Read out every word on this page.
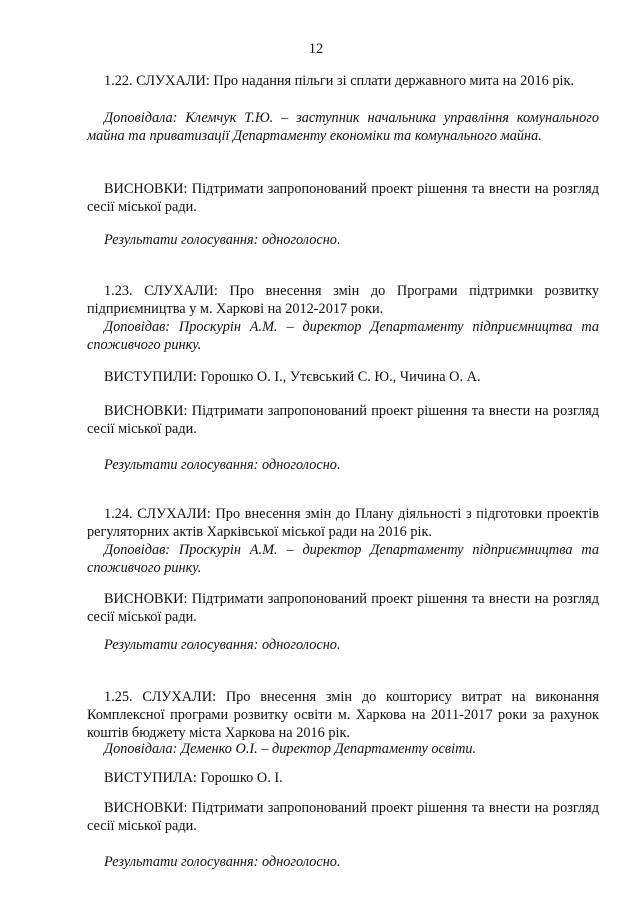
12

1.22. СЛУХАЛИ: Про надання пільги зі сплати державного мита на 2016 рік.

Доповідала: Клемчук Т.Ю. – заступник начальника управління комунального майна та приватизації Департаменту економіки та комунального майна.

ВИСНОВКИ: Підтримати запропонований проект рішення та внести на розгляд сесії міської ради.

Результати голосування: одноголосно.

1.23. СЛУХАЛИ: Про внесення змін до Програми підтримки розвитку підприємництва у м. Харкові на 2012-2017 роки.

Доповідав: Проскурін А.М. – директор Департаменту підприємництва та споживчого ринку.

ВИСТУПИЛИ: Горошко О. І., Утєвський С. Ю., Чичина О. А.

ВИСНОВКИ: Підтримати запропонований проект рішення та внести на розгляд сесії міської ради.

Результати голосування: одноголосно.

1.24. СЛУХАЛИ: Про внесення змін до Плану діяльності з підготовки проектів регуляторних актів Харківської міської ради на 2016 рік.

Доповідав: Проскурін А.М. – директор Департаменту підприємництва та споживчого ринку.

ВИСНОВКИ: Підтримати запропонований проект рішення та внести на розгляд сесії міської ради.

Результати голосування: одноголосно.

1.25. СЛУХАЛИ: Про внесення змін до кошторису витрат на виконання Комплексної програми розвитку освіти м. Харкова на 2011-2017 роки за рахунок коштів бюджету міста Харкова на 2016 рік.

Доповідала: Деменко О.І. – директор Департаменту освіти.

ВИСТУПИЛА: Горошко О. І.

ВИСНОВКИ: Підтримати запропонований проект рішення та внести на розгляд сесії міської ради.

Результати голосування: одноголосно.
